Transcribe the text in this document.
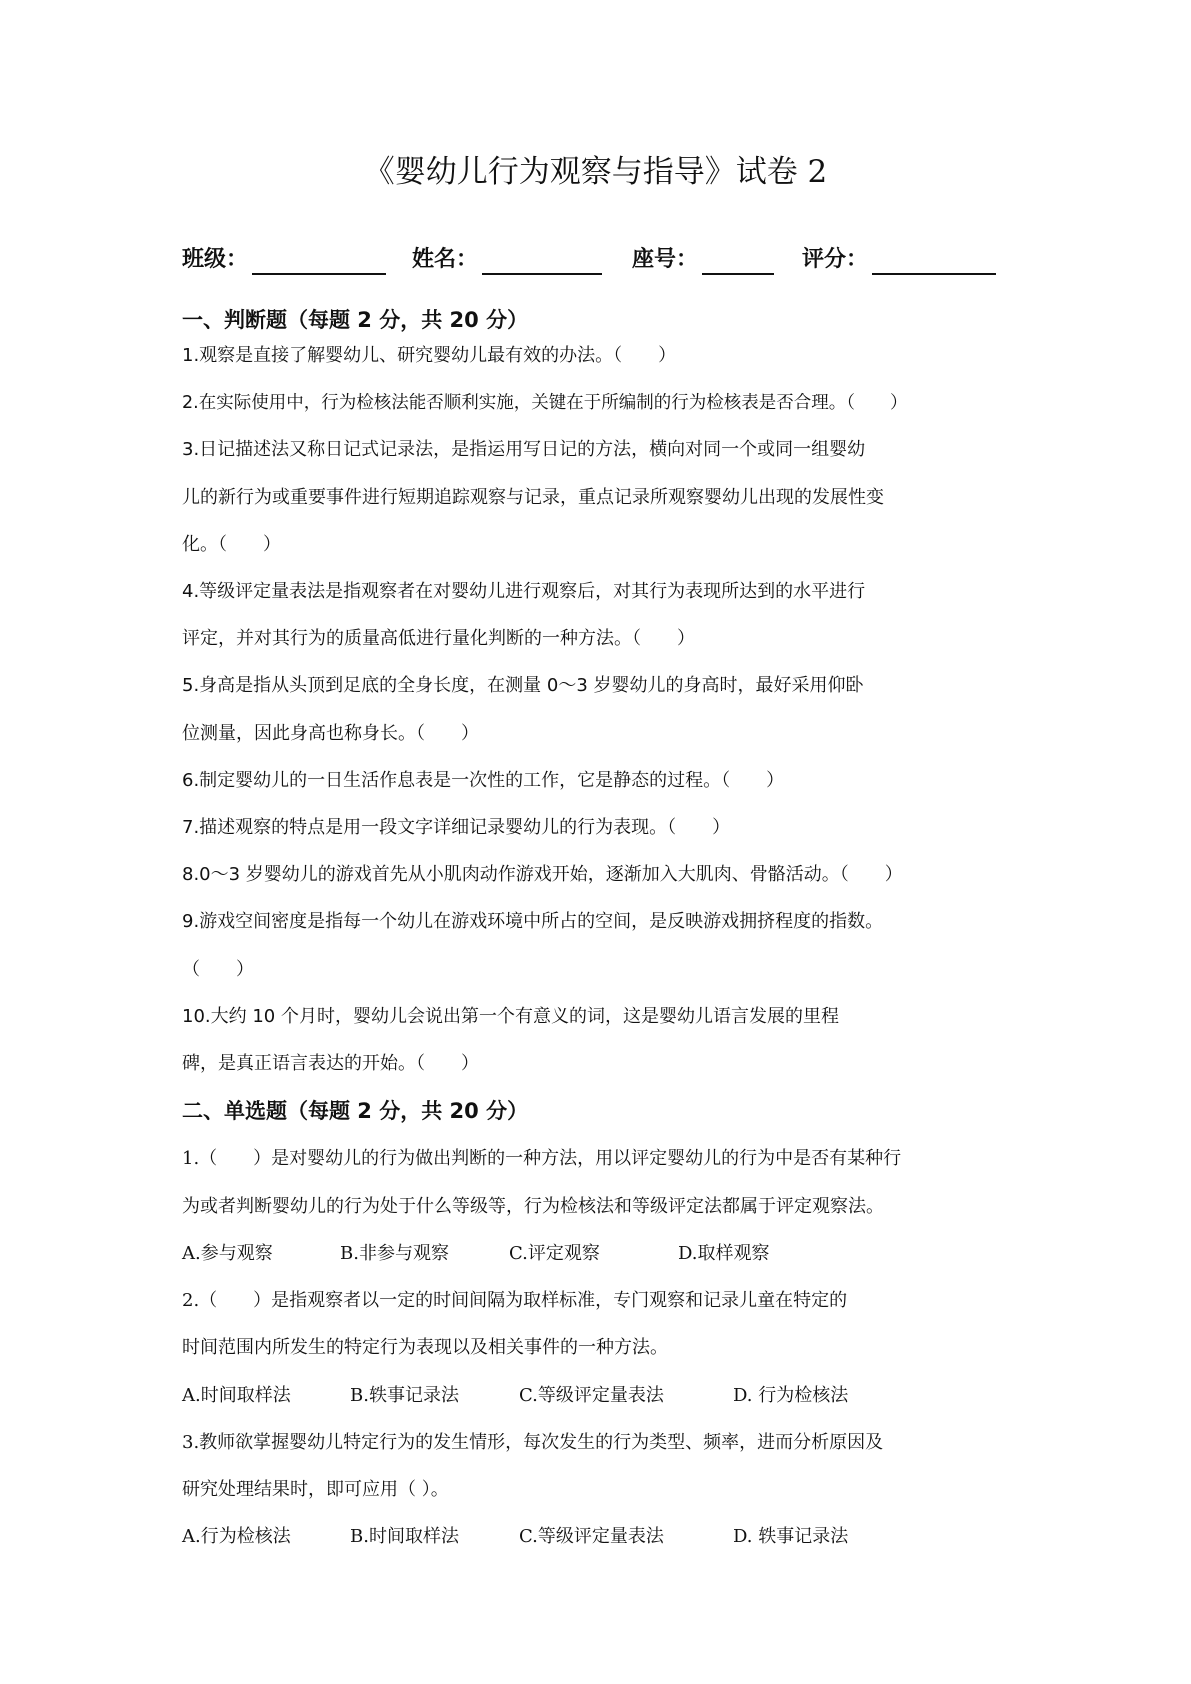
《婴幼儿行为观察与指导》试卷 2
班级：	姓名：	座号：	评分：
一、判断题（每题 2 分，共 20 分）
1.观察是直接了解婴幼儿、研究婴幼儿最有效的办法。（　　）
2.在实际使用中，行为检核法能否顺利实施，关键在于所编制的行为检核表是否合理。（　　）
3.日记描述法又称日记式记录法，是指运用写日记的方法，横向对同一个或同一组婴幼
儿的新行为或重要事件进行短期追踪观察与记录，重点记录所观察婴幼儿出现的发展性变
化。（　　）
4.等级评定量表法是指观察者在对婴幼儿进行观察后，对其行为表现所达到的水平进行
评定，并对其行为的质量高低进行量化判断的一种方法。（　　）
5.身高是指从头顶到足底的全身长度，在测量 0～3 岁婴幼儿的身高时，最好采用仰卧
位测量，因此身高也称身长。（　　）
6.制定婴幼儿的一日生活作息表是一次性的工作，它是静态的过程。（　　）
7.描述观察的特点是用一段文字详细记录婴幼儿的行为表现。（　　）
8.0～3 岁婴幼儿的游戏首先从小肌肉动作游戏开始，逐渐加入大肌肉、骨骼活动。（　　）
9.游戏空间密度是指每一个幼儿在游戏环境中所占的空间，是反映游戏拥挤程度的指数。
（　　）
10.大约 10 个月时，婴幼儿会说出第一个有意义的词，这是婴幼儿语言发展的里程
碑，是真正语言表达的开始。（　　）
二、单选题（每题 2 分，共 20 分）
1.（　　）是对婴幼儿的行为做出判断的一种方法，用以评定婴幼儿的行为中是否有某种行
为或者判断婴幼儿的行为处于什么等级等，行为检核法和等级评定法都属于评定观察法。
A.参与观察	B.非参与观察	C.评定观察	D.取样观察
2.（　　）是指观察者以一定的时间间隔为取样标准，专门观察和记录儿童在特定的
时间范围内所发生的特定行为表现以及相关事件的一种方法。
A.时间取样法	B.轶事记录法	C.等级评定量表法	D. 行为检核法
3.教师欲掌握婴幼儿特定行为的发生情形，每次发生的行为类型、频率，进而分析原因及
研究处理结果时，即可应用（ ）。
A.行为检核法	B.时间取样法	C.等级评定量表法	D. 轶事记录法
